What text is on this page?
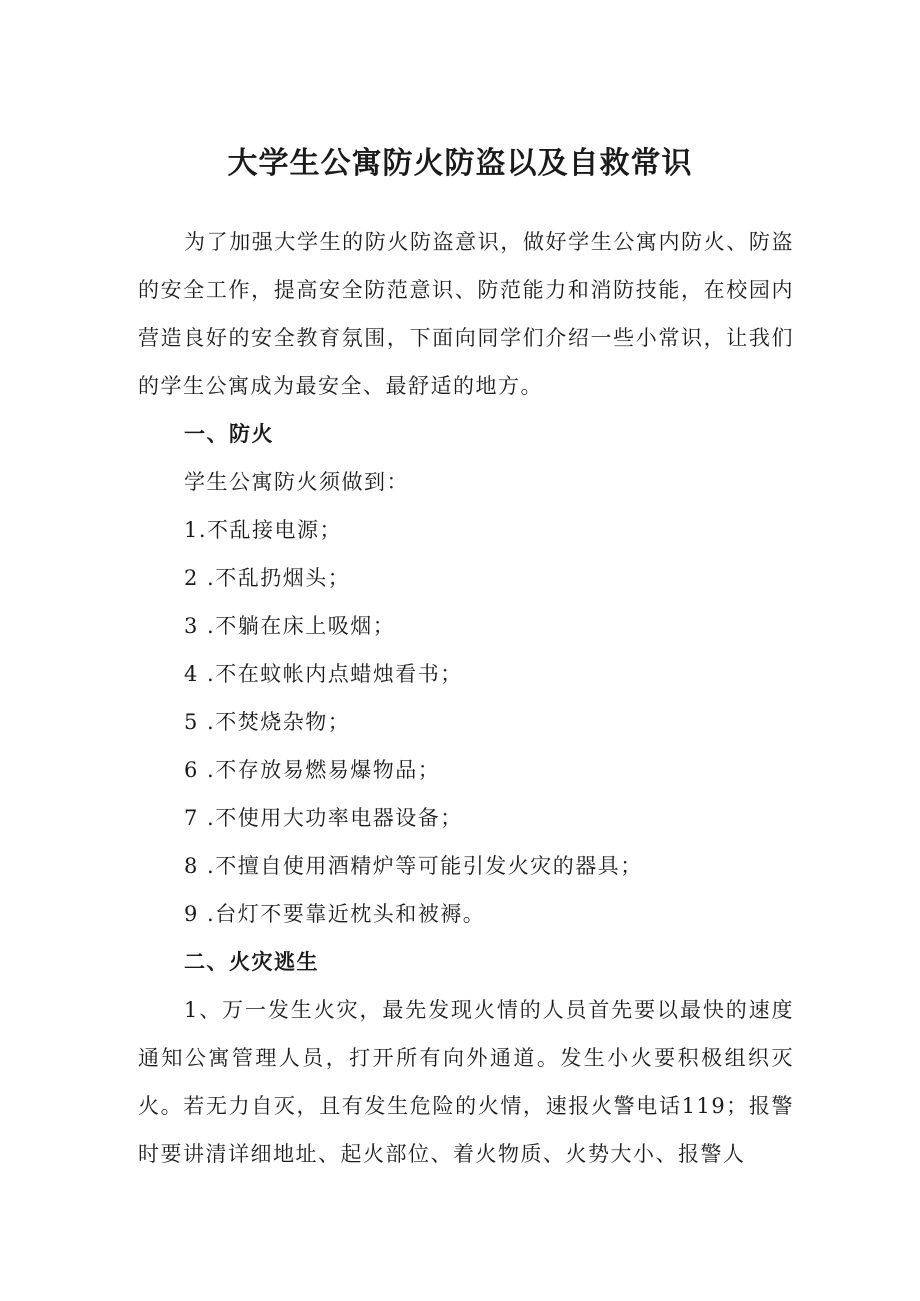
大学生公寓防火防盗以及自救常识

为了加强大学生的防火防盗意识，做好学生公寓内防火、防盗的安全工作，提高安全防范意识、防范能力和消防技能，在校园内营造良好的安全教育氛围，下面向同学们介绍一些小常识，让我们的学生公寓成为最安全、最舒适的地方。

一、防火

学生公寓防火须做到：

1.不乱接电源；

2 .不乱扔烟头；

3 .不躺在床上吸烟；

4 .不在蚊帐内点蜡烛看书；

5 .不焚烧杂物；

6 .不存放易燃易爆物品；

7 .不使用大功率电器设备；

8 .不擅自使用酒精炉等可能引发火灾的器具；

9 .台灯不要靠近枕头和被褥。

二、火灾逃生

1、万一发生火灾，最先发现火情的人员首先要以最快的速度通知公寓管理人员，打开所有向外通道。发生小火要积极组织灭火。若无力自灭，且有发生危险的火情，速报火警电话119；报警时要讲清详细地址、起火部位、着火物质、火势大小、报警人
